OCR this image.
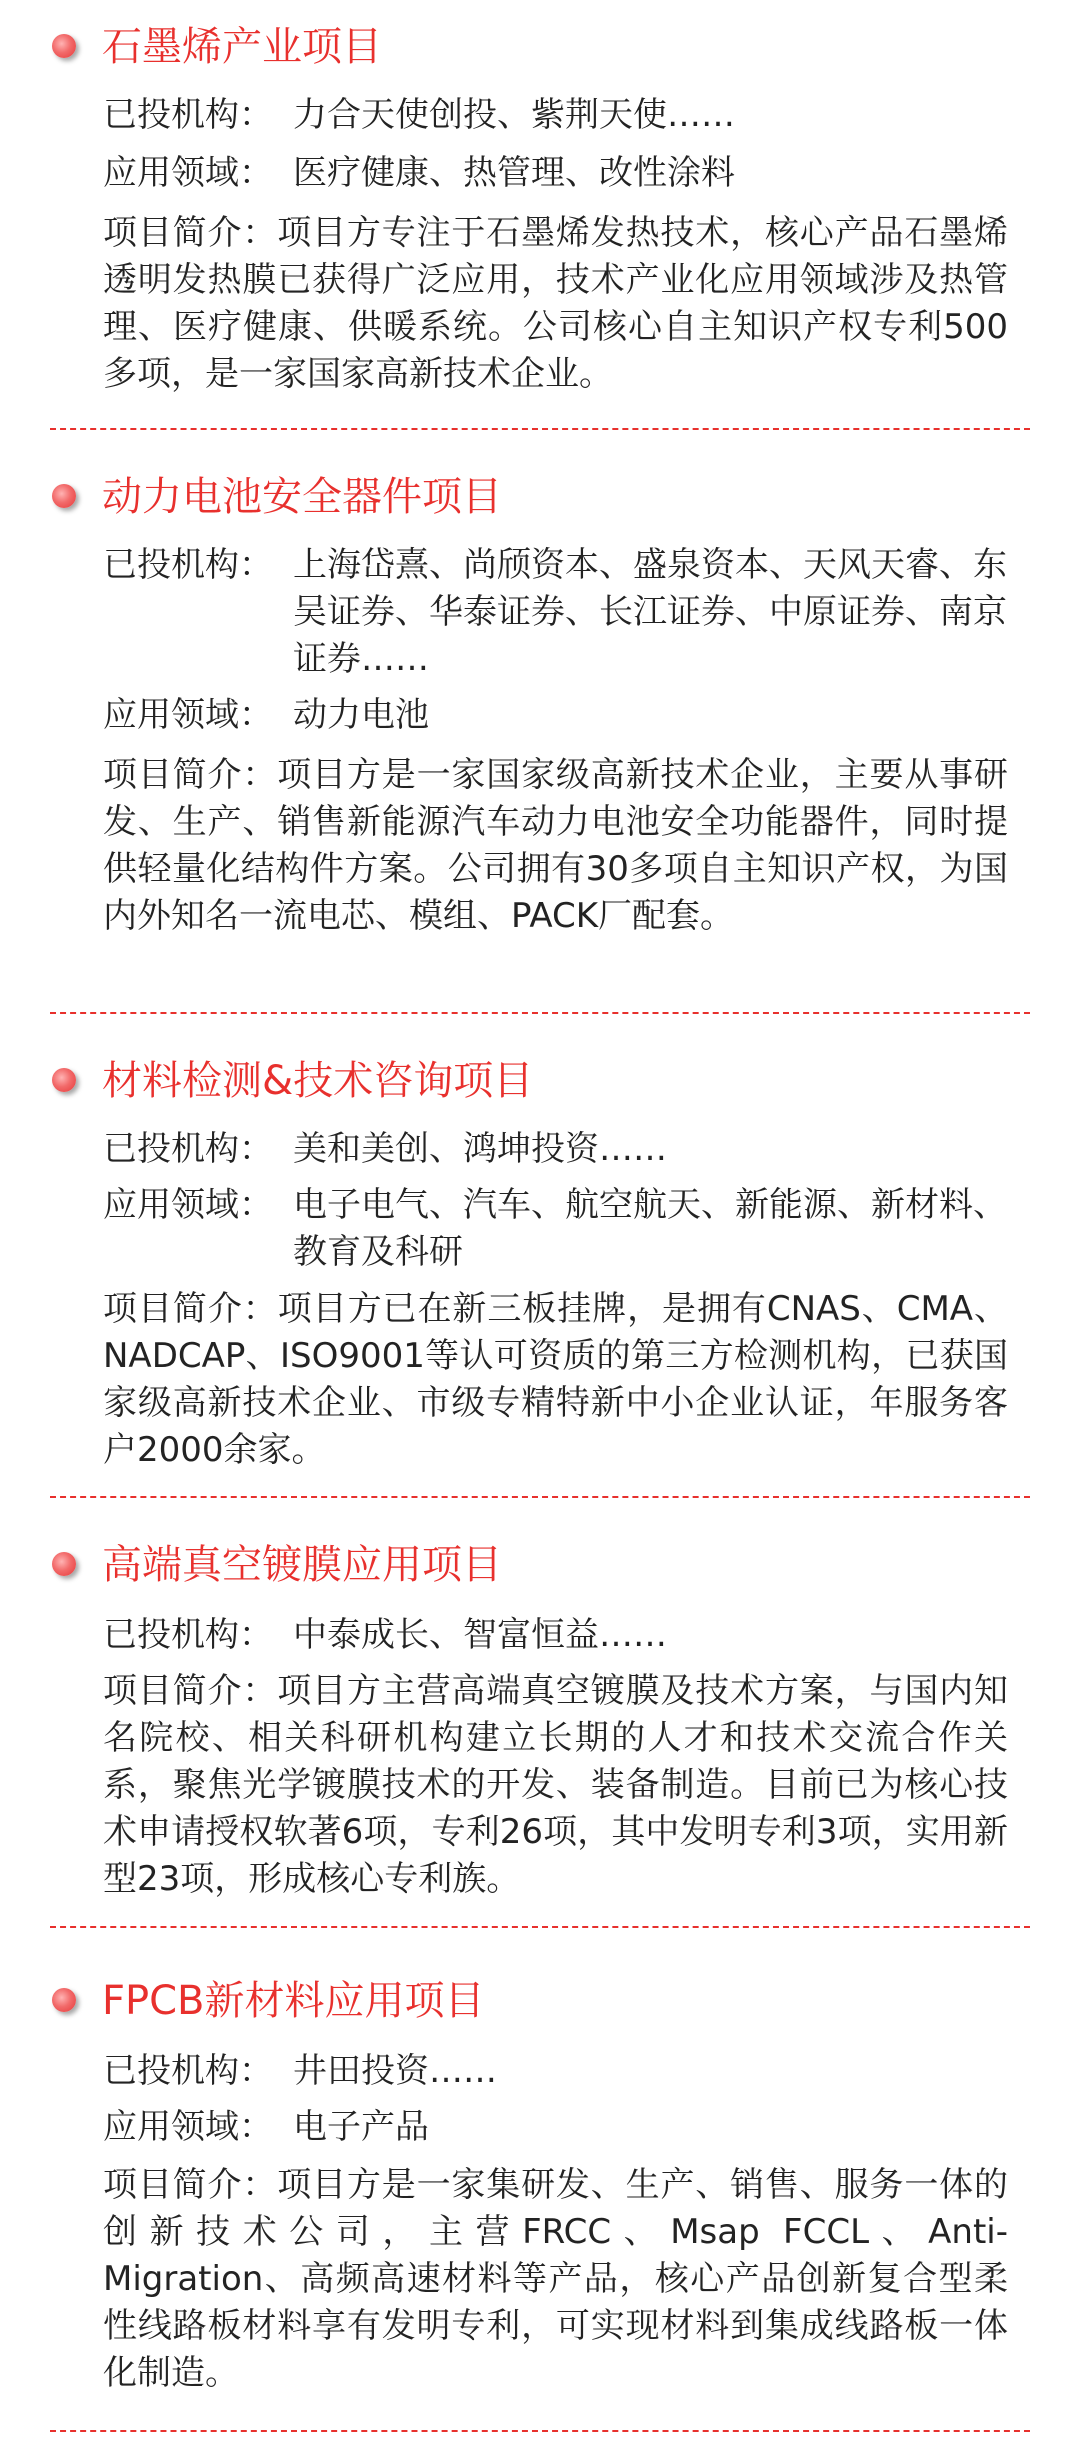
石墨烯产业项目
已投机构： 力合天使创投、紫荆天使……
应用领域： 医疗健康、热管理、改性涂料
项目简介：项目方专注于石墨烯发热技术，核心产品石墨烯透明发热膜已获得广泛应用，技术产业化应用领域涉及热管理、医疗健康、供暖系统。公司核心自主知识产权专利500多项，是一家国家高新技术企业。
动力电池安全器件项目
已投机构： 上海岱熹、尚颀资本、盛泉资本、天风天睿、东吴证券、华泰证券、长江证券、中原证券、南京证券……
应用领域： 动力电池
项目简介：项目方是一家国家级高新技术企业，主要从事研发、生产、销售新能源汽车动力电池安全功能器件，同时提供轻量化结构件方案。公司拥有30多项自主知识产权，为国内外知名一流电芯、模组、PACK厂配套。
材料检测&技术咨询项目
已投机构： 美和美创、鸿坤投资……
应用领域： 电子电气、汽车、航空航天、新能源、新材料、教育及科研
项目简介：项目方已在新三板挂牌，是拥有CNAS、CMA、NADCAP、ISO9001等认可资质的第三方检测机构，已获国家级高新技术企业、市级专精特新中小企业认证，年服务客户2000余家。
高端真空镀膜应用项目
已投机构： 中泰成长、智富恒益……
项目简介：项目方主营高端真空镀膜及技术方案，与国内知名院校、相关科研机构建立长期的人才和技术交流合作关系，聚焦光学镀膜技术的开发、装备制造。目前已为核心技术申请授权软著6项，专利26项，其中发明专利3项，实用新型23项，形成核心专利族。
FPCB新材料应用项目
已投机构： 井田投资……
应用领域： 电子产品
项目简介：项目方是一家集研发、生产、销售、服务一体的创新技术公司，主营FRCC、Msap FCCL、Anti-Migration、高频高速材料等产品，核心产品创新复合型柔性线路板材料享有发明专利，可实现材料到集成线路板一体化制造。
